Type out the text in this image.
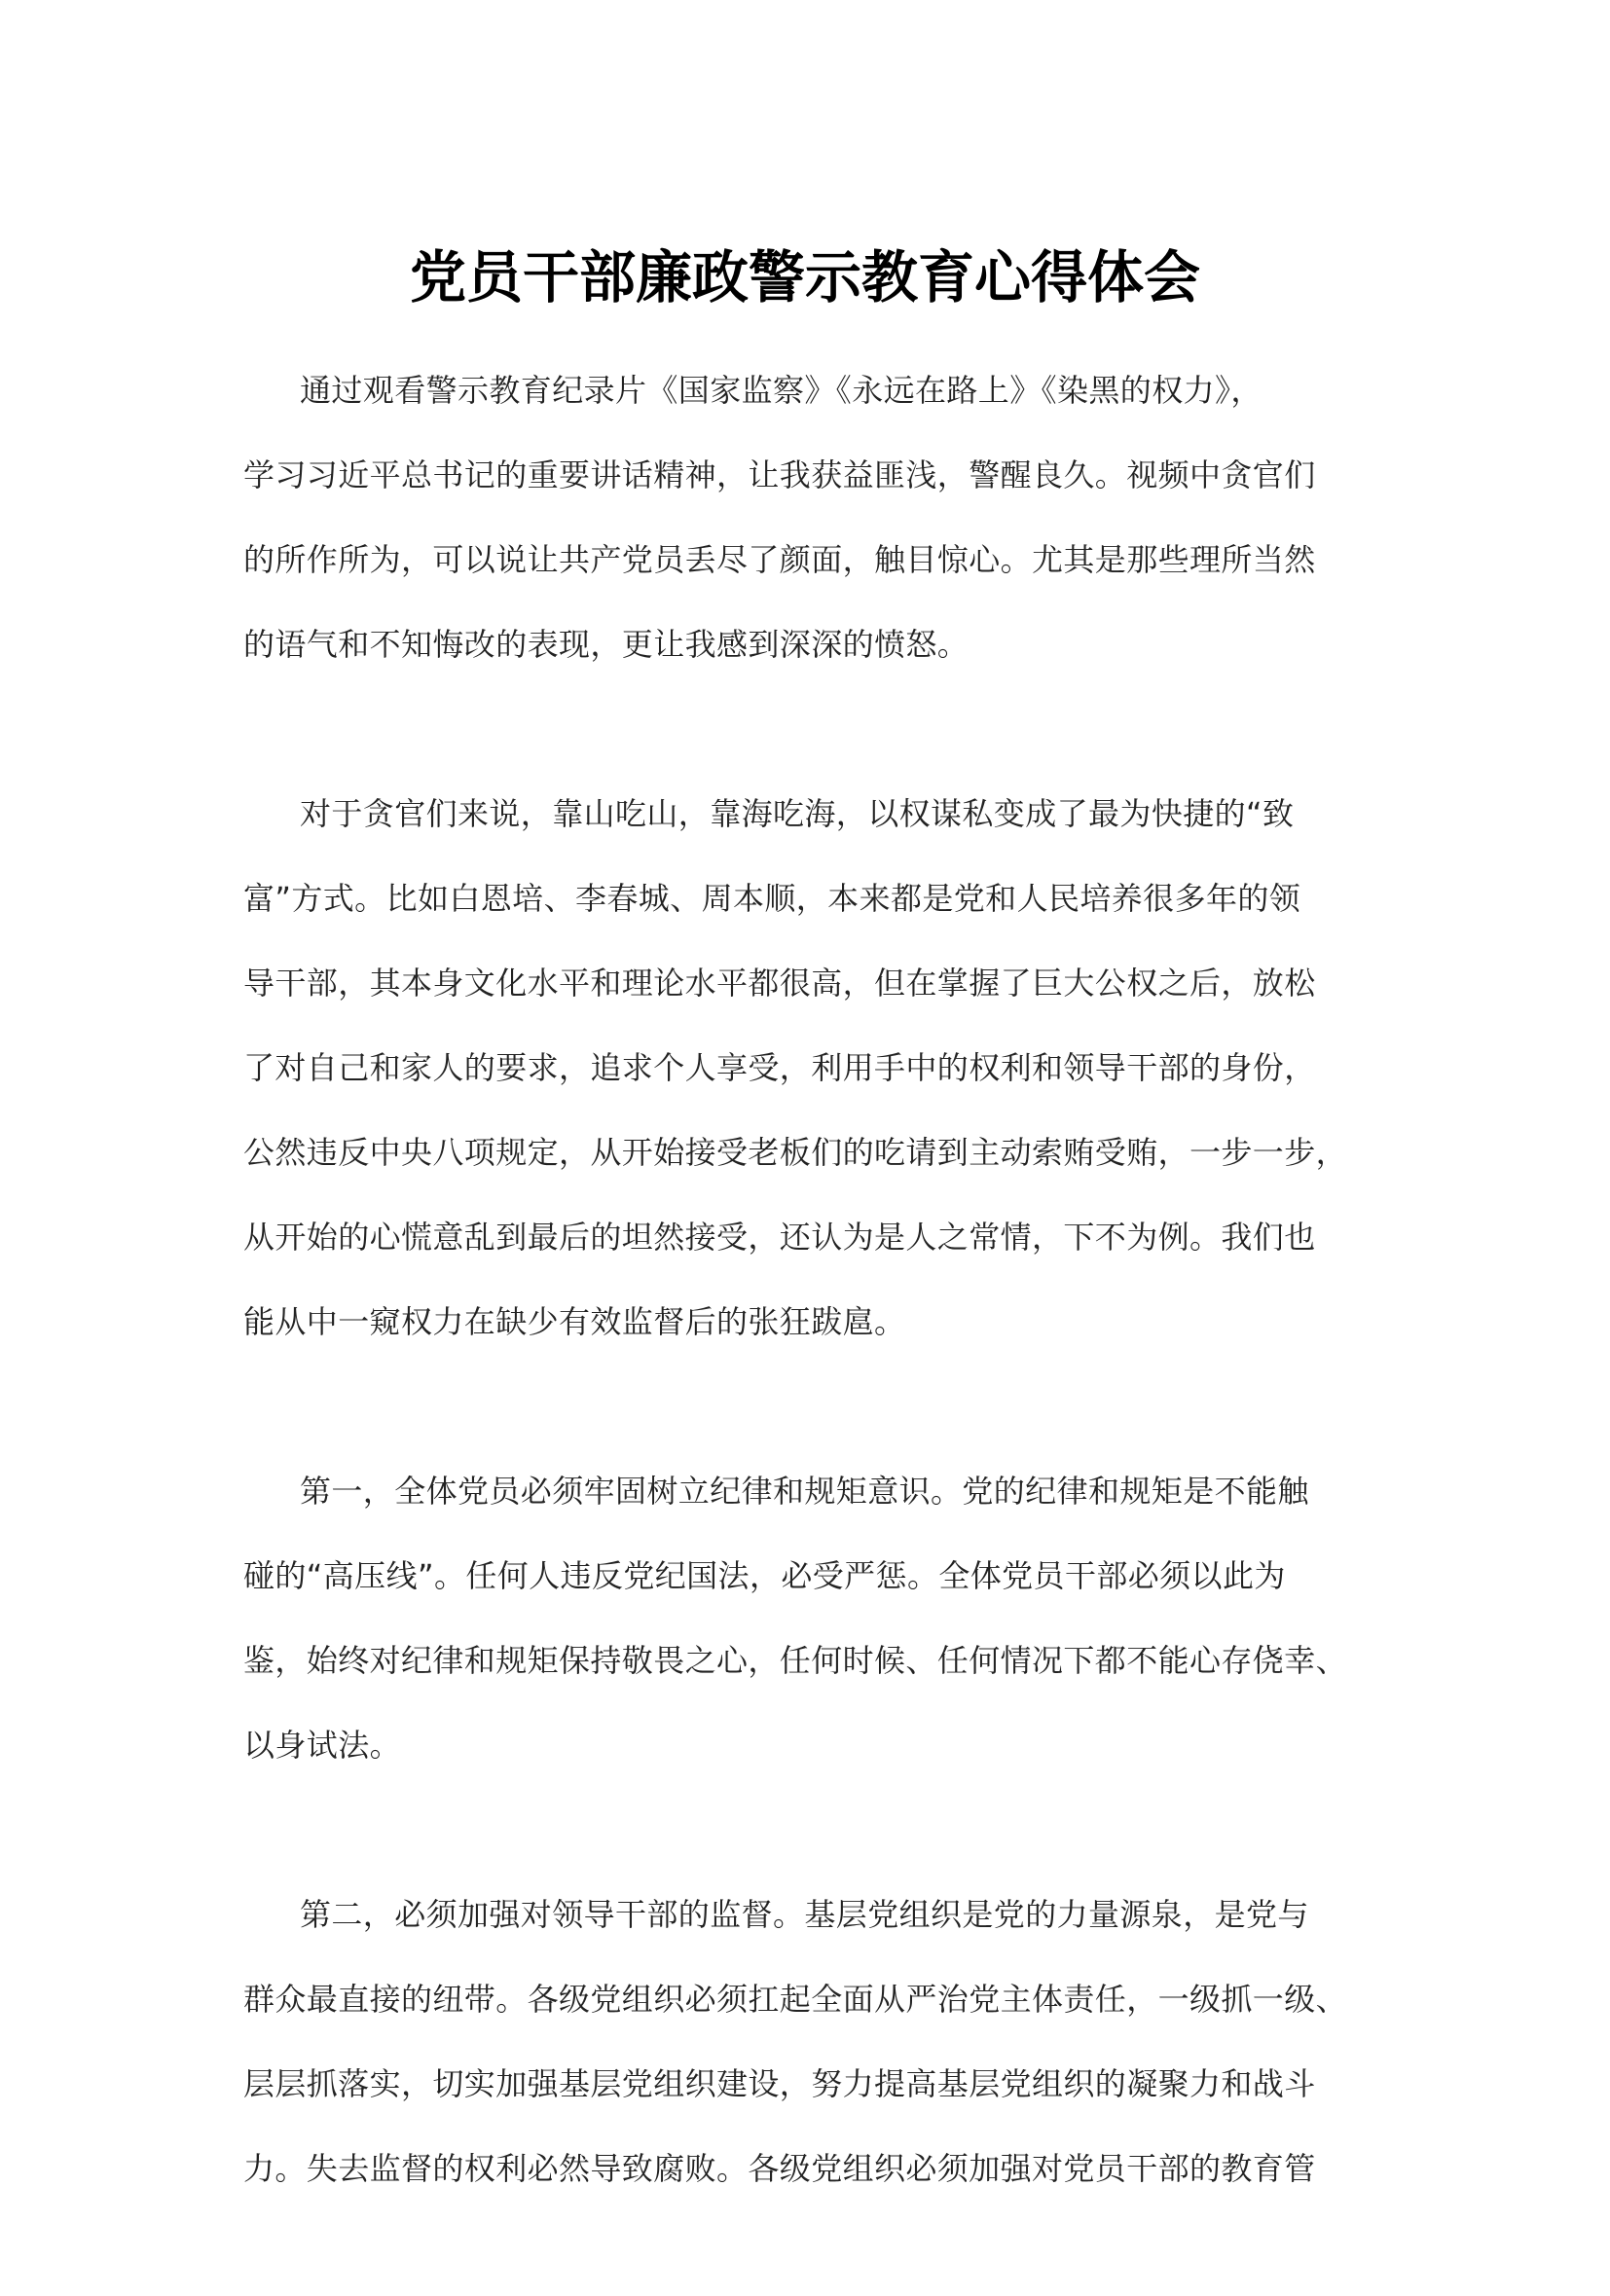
党员干部廉政警示教育心得体会
通过观看警示教育纪录片《国家监察》《永远在路上》《染黑的权力》，
学习习近平总书记的重要讲话精神，让我获益匪浅，警醒良久。视频中贪官们
的所作所为，可以说让共产党员丢尽了颜面，触目惊心。尤其是那些理所当然
的语气和不知悔改的表现，更让我感到深深的愤怒。
对于贪官们来说，靠山吃山，靠海吃海，以权谋私变成了最为快捷的“致
富”方式。比如白恩培、李春城、周本顺，本来都是党和人民培养很多年的领
导干部，其本身文化水平和理论水平都很高，但在掌握了巨大公权之后，放松
了对自己和家人的要求，追求个人享受，利用手中的权利和领导干部的身份，
公然违反中央八项规定，从开始接受老板们的吃请到主动索贿受贿，一步一步，
从开始的心慌意乱到最后的坦然接受，还认为是人之常情，下不为例。我们也
能从中一窥权力在缺少有效监督后的张狂跋扈。
第一，全体党员必须牢固树立纪律和规矩意识。党的纪律和规矩是不能触
碰的“高压线”。任何人违反党纪国法，必受严惩。全体党员干部必须以此为
鉴，始终对纪律和规矩保持敬畏之心，任何时候、任何情况下都不能心存侥幸、
以身试法。
第二，必须加强对领导干部的监督。基层党组织是党的力量源泉，是党与
群众最直接的纽带。各级党组织必须扛起全面从严治党主体责任，一级抓一级、
层层抓落实，切实加强基层党组织建设，努力提高基层党组织的凝聚力和战斗
力。失去监督的权利必然导致腐败。各级党组织必须加强对党员干部的教育管
